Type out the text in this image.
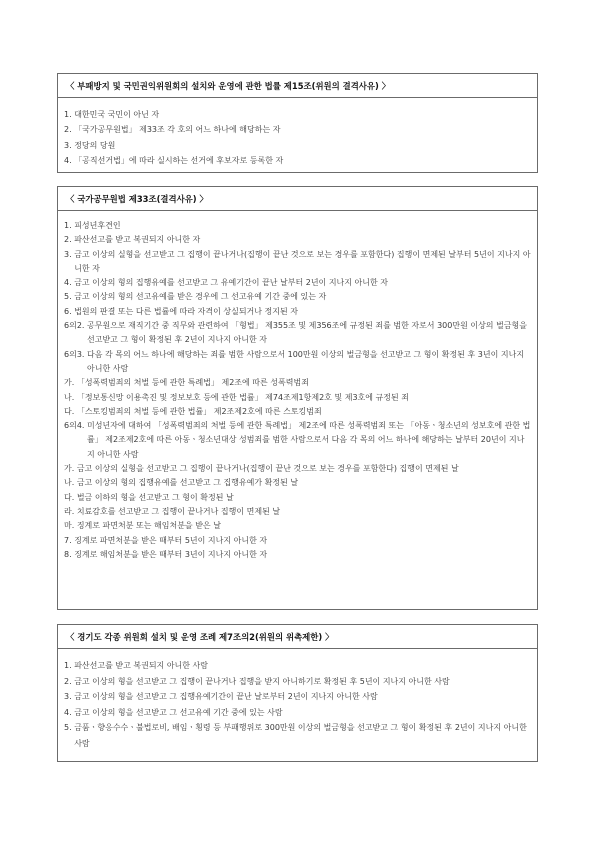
〈
부패방지 및 국민권익위원회의 설치와 운영에 관한 법률 제15조(위원의 결격사유)
〉
1. 대한민국 국민이 아닌 자
2. 「국가공무원법」 제33조 각 호의 어느 하나에 해당하는 자
3. 정당의 당원
4. 「공직선거법」에 따라 실시하는 선거에 후보자로 등록한 자
〈
국가공무원법 제33조(결격사유)
〉
1. 피성년후견인
2. 파산선고를 받고 복권되지 아니한 자
3. 금고 이상의 실형을 선고받고 그 집행이 끝나거나(집행이 끝난 것으로 보는 경우를 포함한다) 집행이 면제된 날부터 5년이 지나지 아니한 자
4. 금고 이상의 형의 집행유예를 선고받고 그 유예기간이 끝난 날부터 2년이 지나지 아니한 자
5. 금고 이상의 형의 선고유예를 받은 경우에 그 선고유예 기간 중에 있는 자
6. 법원의 판결 또는 다른 법률에 따라 자격이 상실되거나 정지된 자
6의2. 공무원으로 재직기간 중 직무와 관련하여 「형법」 제355조 및 제356조에 규정된 죄를 범한 자로서 300만원 이상의 벌금형을 선고받고 그 형이 확정된 후 2년이 지나지 아니한 자
6의3. 다음 각 목의 어느 하나에 해당하는 죄를 범한 사람으로서 100만원 이상의 벌금형을 선고받고 그 형이 확정된 후 3년이 지나지 아니한 사람
가. 「성폭력범죄의 처벌 등에 관한 특례법」 제2조에 따른 성폭력범죄
나. 「정보통신망 이용촉진 및 정보보호 등에 관한 법률」 제74조제1항제2호 및 제3호에 규정된 죄
다. 「스토킹범죄의 처벌 등에 관한 법률」 제2조제2호에 따른 스토킹범죄
6의4. 미성년자에 대하여 「성폭력범죄의 처벌 등에 관한 특례법」 제2조에 따른 성폭력범죄 또는 「아동ㆍ청소년의 성보호에 관한 법률」 제2조제2호에 따른 아동ㆍ청소년대상 성범죄를 범한 사람으로서 다음 각 목의 어느 하나에 해당하는 날부터 20년이 지나지 아니한 사람
가. 금고 이상의 실형을 선고받고 그 집행이 끝나거나(집행이 끝난 것으로 보는 경우를 포함한다) 집행이 면제된 날
나. 금고 이상의 형의 집행유예를 선고받고 그 집행유예가 확정된 날
다. 벌금 이하의 형을 선고받고 그 형이 확정된 날
라. 치료감호를 선고받고 그 집행이 끝나거나 집행이 면제된 날
마. 징계로 파면처분 또는 해임처분을 받은 날
7. 징계로 파면처분을 받은 때부터 5년이 지나지 아니한 자
8. 징계로 해임처분을 받은 때부터 3년이 지나지 아니한 자
〈
경기도 각종 위원회 설치 및 운영 조례 제7조의2(위원의 위촉제한)
〉
1. 파산선고를 받고 복권되지 아니한 사람
2. 금고 이상의 형을 선고받고 그 집행이 끝나거나 집행을 받지 아니하기로 확정된 후 5년이 지나지 아니한 사람
3. 금고 이상의 형을 선고받고 그 집행유예기간이 끝난 날로부터 2년이 지나지 아니한 사람
4. 금고 이상의 형을 선고받고 그 선고유예 기간 중에 있는 사람
5. 금품ㆍ향응수수ㆍ불법로비, 배임ㆍ횡령 등 부패행위로 300만원 이상의 벌금형을 선고받고 그 형이 확정된 후 2년이 지나지 아니한 사람
